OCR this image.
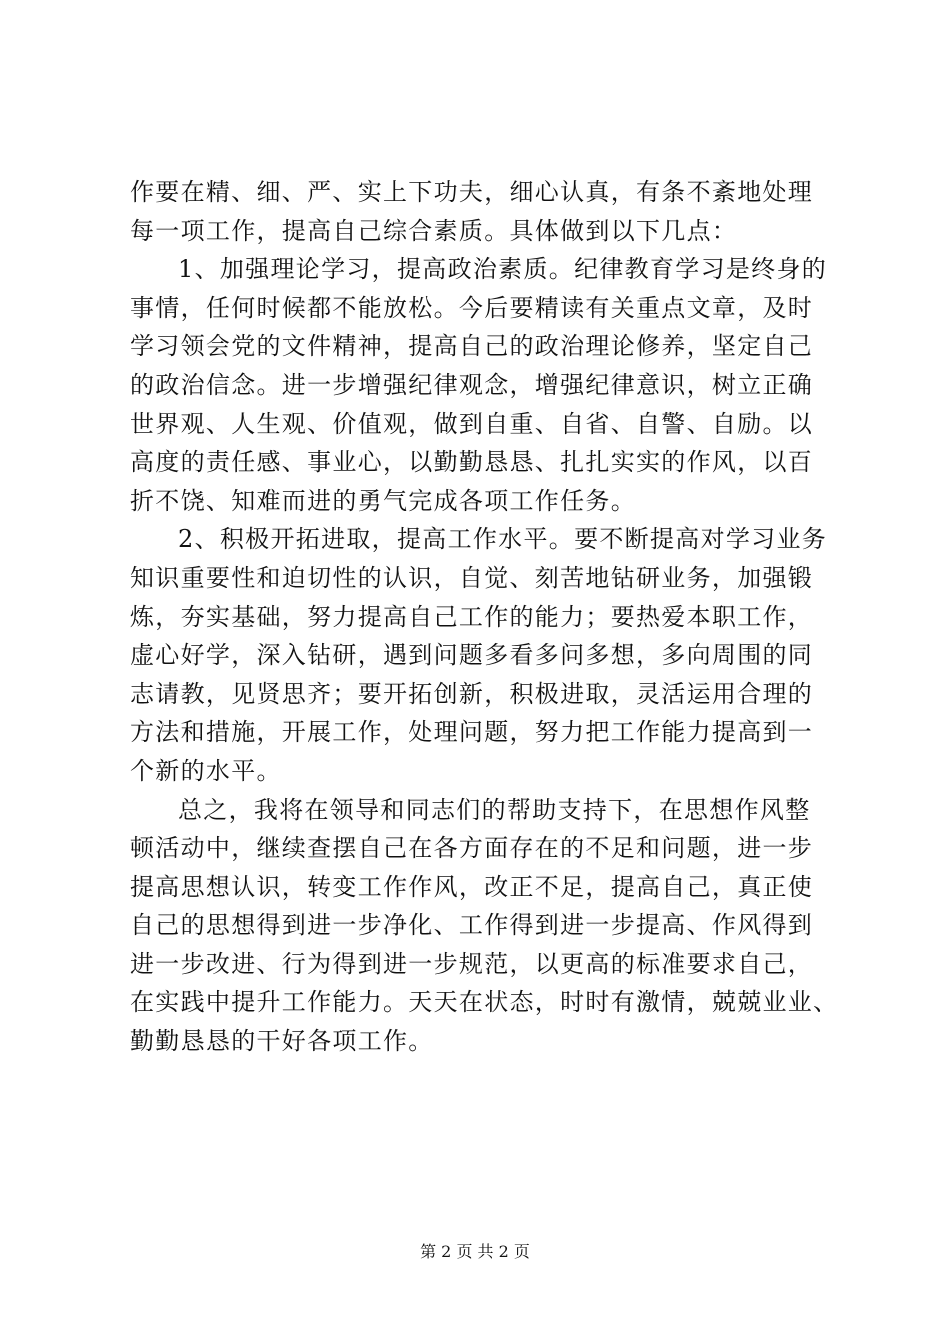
作要在精、细、严、实上下功夫，细心认真，有条不紊地处理
每一项工作，提高自己综合素质。具体做到以下几点：
1、加强理论学习，提高政治素质。纪律教育学习是终身的
事情，任何时候都不能放松。今后要精读有关重点文章，及时
学习领会党的文件精神，提高自己的政治理论修养，坚定自己
的政治信念。进一步增强纪律观念，增强纪律意识，树立正确
世界观、人生观、价值观，做到自重、自省、自警、自励。以
高度的责任感、事业心，以勤勤恳恳、扎扎实实的作风，以百
折不饶、知难而进的勇气完成各项工作任务。
2、积极开拓进取，提高工作水平。要不断提高对学习业务
知识重要性和迫切性的认识，自觉、刻苦地钻研业务，加强锻
炼，夯实基础，努力提高自己工作的能力；要热爱本职工作，
虚心好学，深入钻研，遇到问题多看多问多想，多向周围的同
志请教，见贤思齐；要开拓创新，积极进取，灵活运用合理的
方法和措施，开展工作，处理问题，努力把工作能力提高到一
个新的水平。
总之，我将在领导和同志们的帮助支持下，在思想作风整
顿活动中，继续查摆自己在各方面存在的不足和问题，进一步
提高思想认识，转变工作作风，改正不足，提高自己，真正使
自己的思想得到进一步净化、工作得到进一步提高、作风得到
进一步改进、行为得到进一步规范，以更高的标准要求自己，
在实践中提升工作能力。天天在状态，时时有激情，兢兢业业、
勤勤恳恳的干好各项工作。
第 2 页 共 2 页
